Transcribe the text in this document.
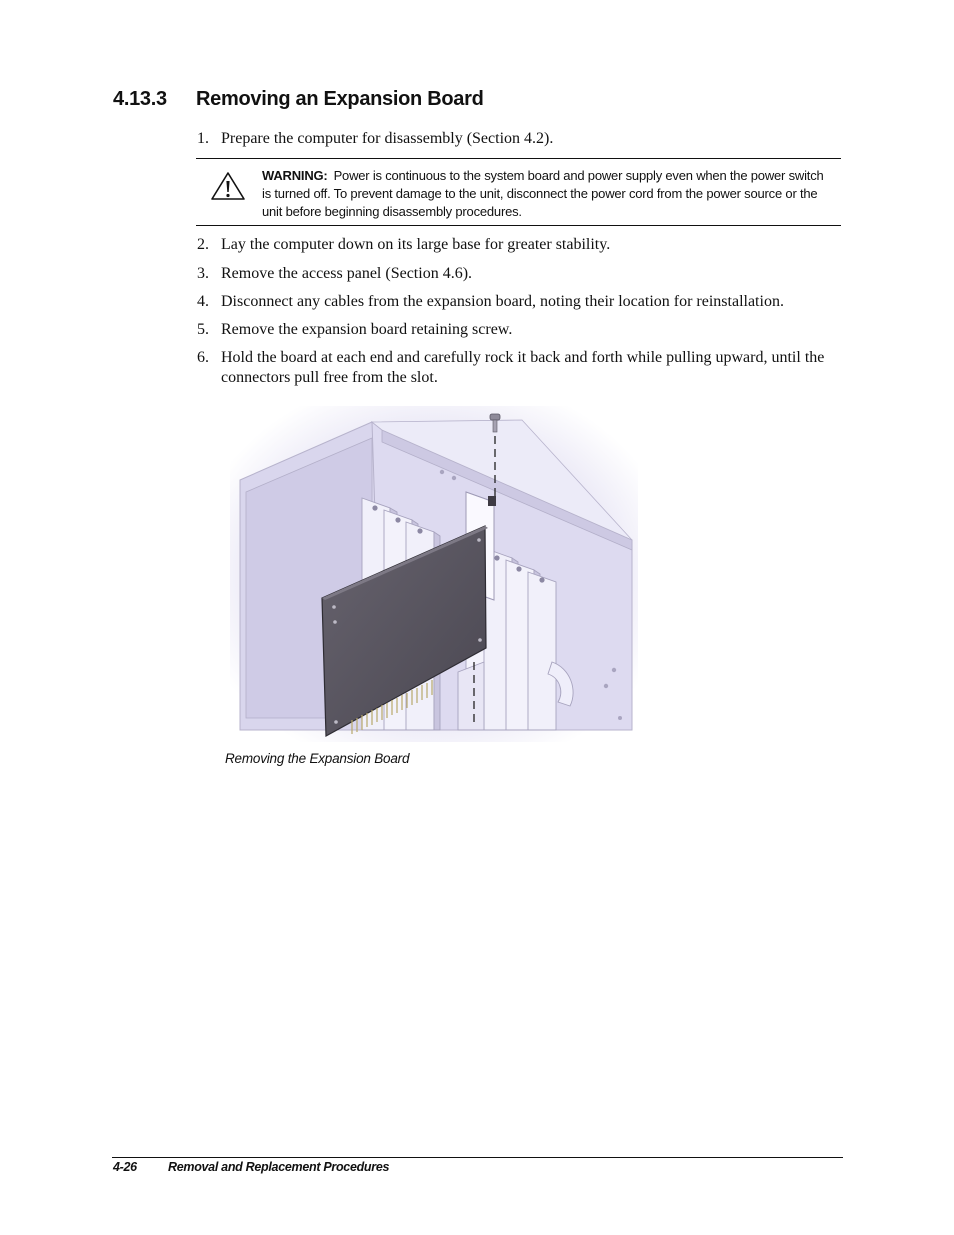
4.13.3 Removing an Expansion Board
1. Prepare the computer for disassembly (Section 4.2).
WARNING: Power is continuous to the system board and power supply even when the power switch is turned off. To prevent damage to the unit, disconnect the power cord from the power source or the unit before beginning disassembly procedures.
2. Lay the computer down on its large base for greater stability.
3. Remove the access panel (Section 4.6).
4. Disconnect any cables from the expansion board, noting their location for reinstallation.
5. Remove the expansion board retaining screw.
6. Hold the board at each end and carefully rock it back and forth while pulling upward, until the connectors pull free from the slot.
Removing the Expansion Board
4-26 Removal and Replacement Procedures
